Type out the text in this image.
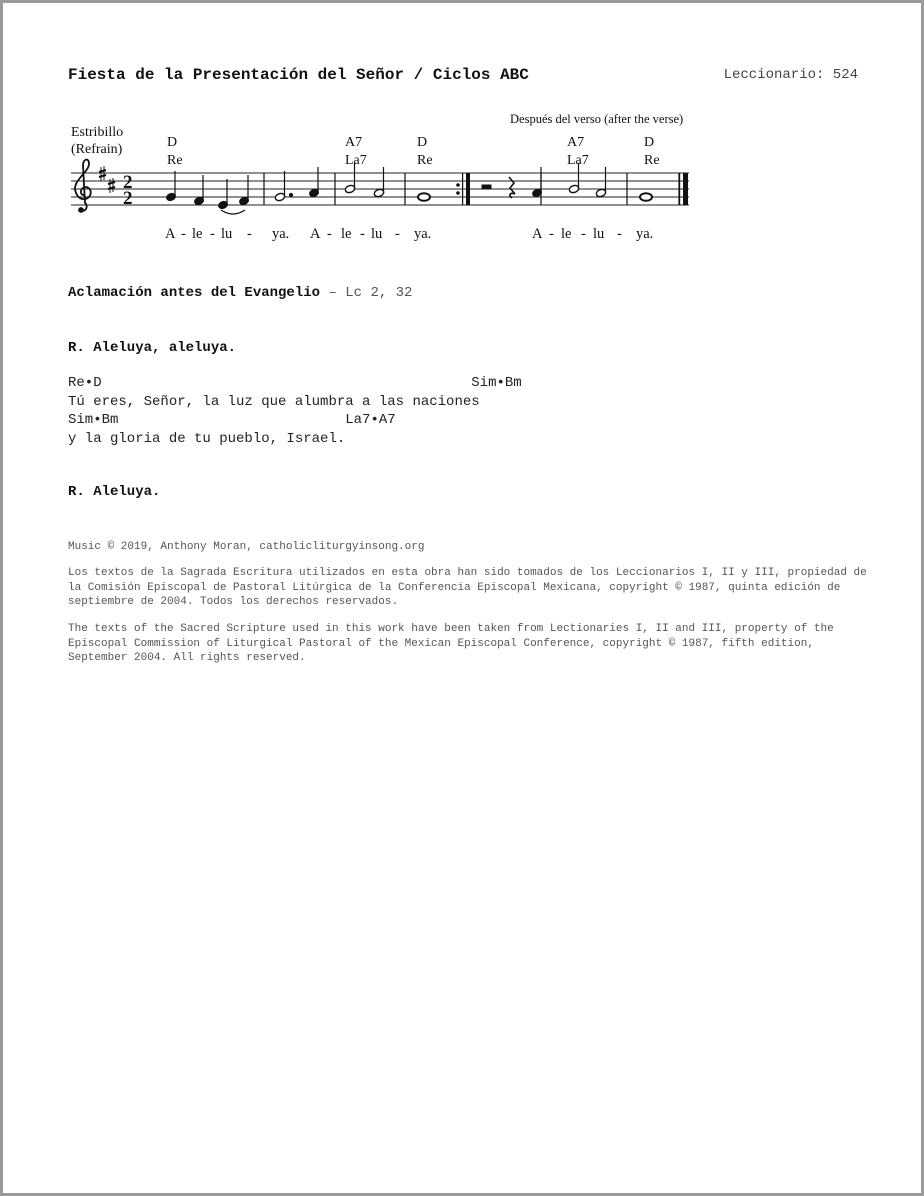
Fiesta de la Presentación del Señor / Ciclos ABC	Leccionario: 524
Estribillo
(Refrain)
Después del verso (after the verse)
D
Re
A7
La7
D
Re
A7
La7
D
Re
2
2
A - le - lu - ya. A - le - lu - ya.	A - le - lu - ya.
Aclamación antes del Evangelio – Lc 2, 32
R. Aleluya, aleluya.
Re•D                                            Sim•Bm
Tú eres, Señor, la luz que alumbra a las naciones
Sim•Bm                           La7•A7
y la gloria de tu pueblo, Israel.
R. Aleluya.
Music © 2019, Anthony Moran, catholicliturgyinsong.org
Los textos de la Sagrada Escritura utilizados en esta obra han sido tomados de los Leccionarios I, II y III, propiedad de la Comisión Episcopal de Pastoral Litúrgica de la Conferencia Episcopal Mexicana, copyright © 1987, quinta edición de septiembre de 2004. Todos los derechos reservados.
The texts of the Sacred Scripture used in this work have been taken from Lectionaries I, II and III, property of the Episcopal Commission of Liturgical Pastoral of the Mexican Episcopal Conference, copyright © 1987, fifth edition, September 2004. All rights reserved.
